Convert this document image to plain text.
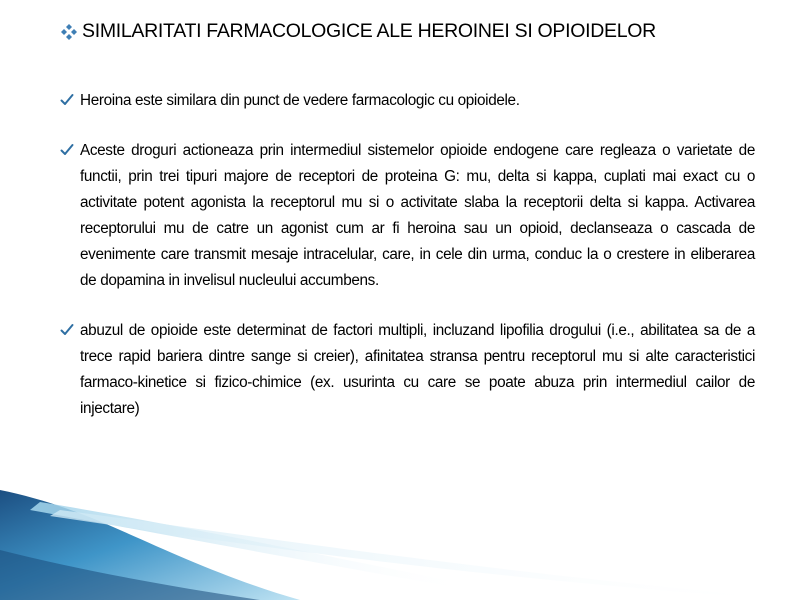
SIMILARITATI FARMACOLOGICE ALE HEROINEI SI OPIOIDELOR
Heroina este similara din punct de vedere farmacologic cu opioidele.
Aceste droguri actioneaza prin intermediul sistemelor opioide endogene care regleaza o varietate de functii, prin trei tipuri majore de receptori de proteina G: mu, delta si kappa, cuplati mai exact cu o activitate potent agonista la receptorul mu si o activitate slaba la receptorii delta si kappa. Activarea receptorului mu de catre un agonist cum ar fi heroina sau un opioid, declanseaza o cascada de evenimente care transmit mesaje intracelular, care, in cele din urma, conduc la o crestere in eliberarea de dopamina in invelisul nucleului accumbens.
abuzul de opioide este determinat de factori multipli, incluzand lipofilia drogului (i.e., abilitatea sa de a trece rapid bariera dintre sange si creier), afinitatea stransa pentru receptorul mu si alte caracteristici farmaco-kinetice si fizico-chimice (ex. usurinta cu care se poate abuza prin intermediul cailor de injectare)
